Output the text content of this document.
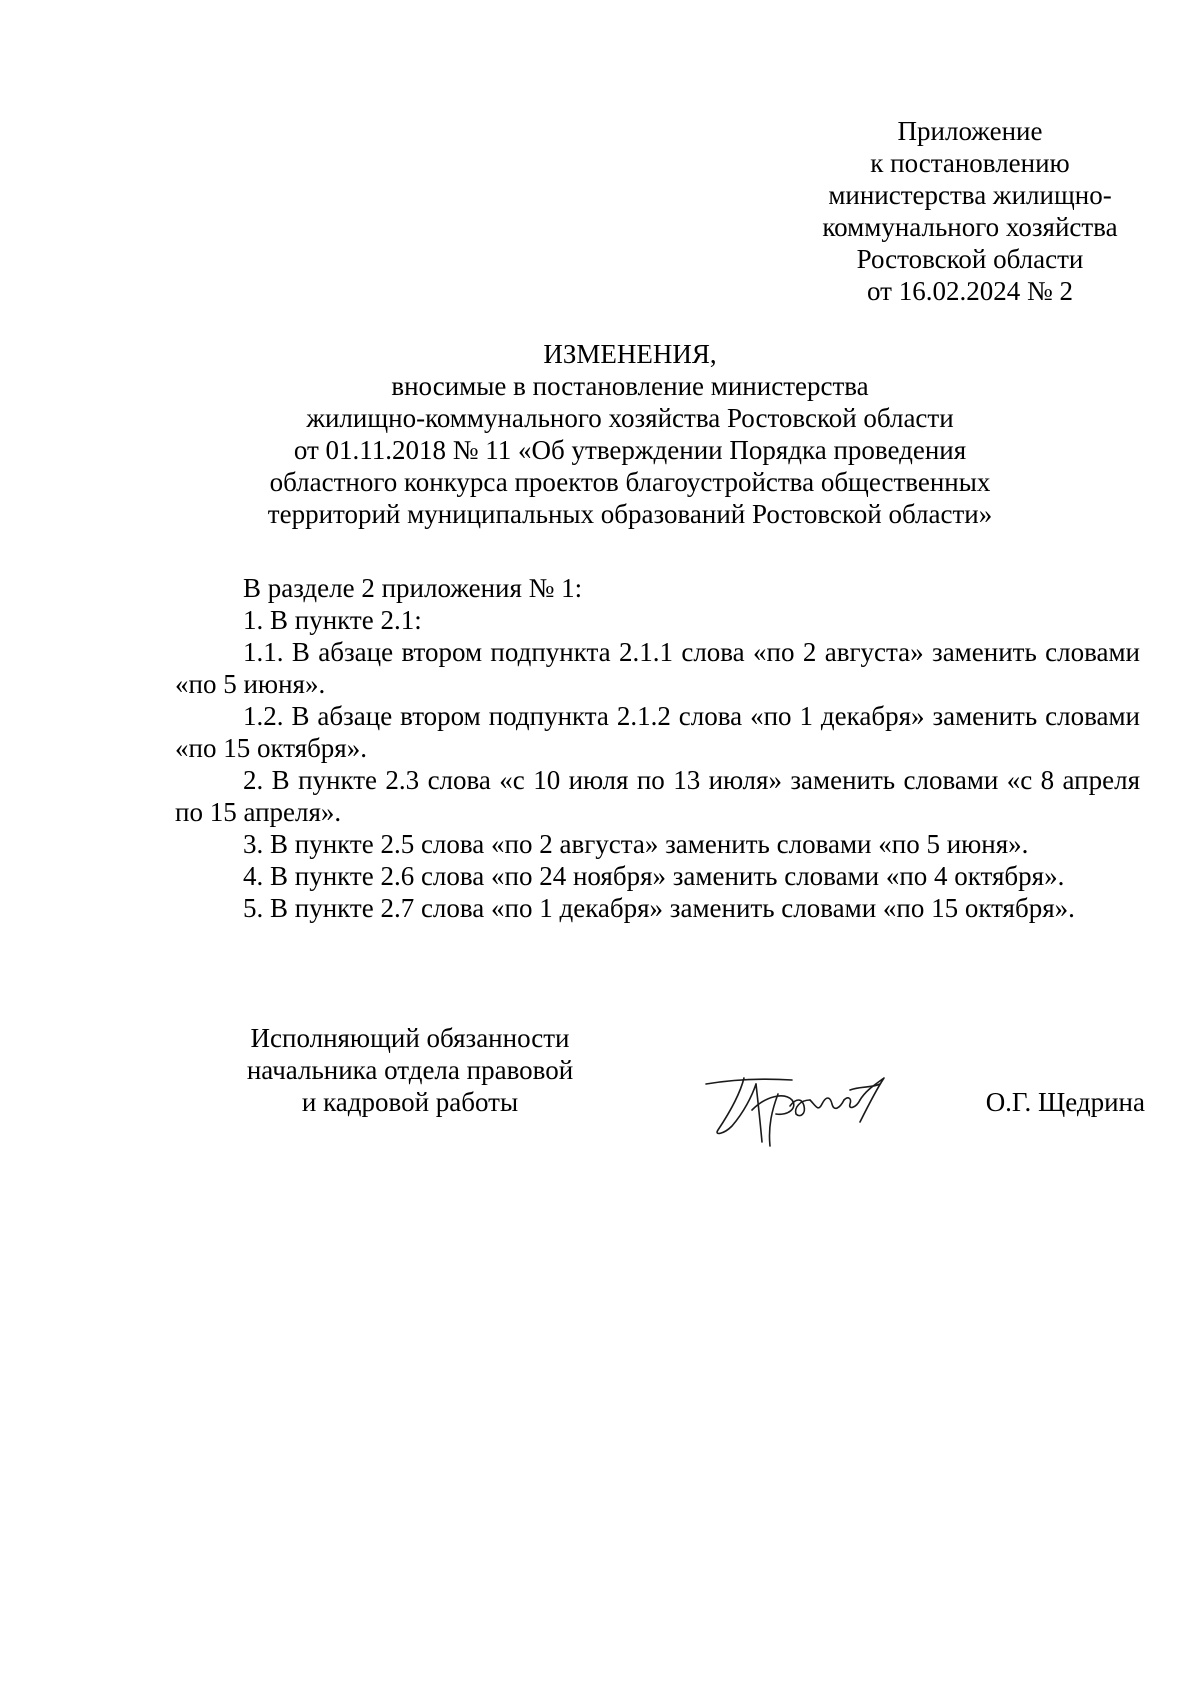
Приложение
к постановлению
министерства жилищно-
коммунального хозяйства
Ростовской области
от 16.02.2024 № 2
ИЗМЕНЕНИЯ,
вносимые в постановление министерства
жилищно-коммунального хозяйства Ростовской области
от 01.11.2018 № 11 «Об утверждении Порядка проведения
областного конкурса проектов благоустройства общественных
территорий муниципальных образований Ростовской области»

В разделе 2 приложения № 1:

1. В пункте 2.1:

1.1. В абзаце втором подпункта 2.1.1 слова «по 2 августа» заменить словами «по 5 июня».

1.2. В абзаце втором подпункта 2.1.2 слова «по 1 декабря» заменить словами «по 15 октября».

2. В пункте 2.3 слова «с 10 июля по 13 июля» заменить словами «с 8 апреля по 15 апреля».

3. В пункте 2.5 слова «по 2 августа» заменить словами «по 5 июня».

4. В пункте 2.6 слова «по 24 ноября» заменить словами «по 4 октября».

5. В пункте 2.7 слова «по 1 декабря» заменить словами «по 15 октября».

Исполняющий обязанности
начальника отдела правовой
и кадровой работы	О.Г. Щедрина
